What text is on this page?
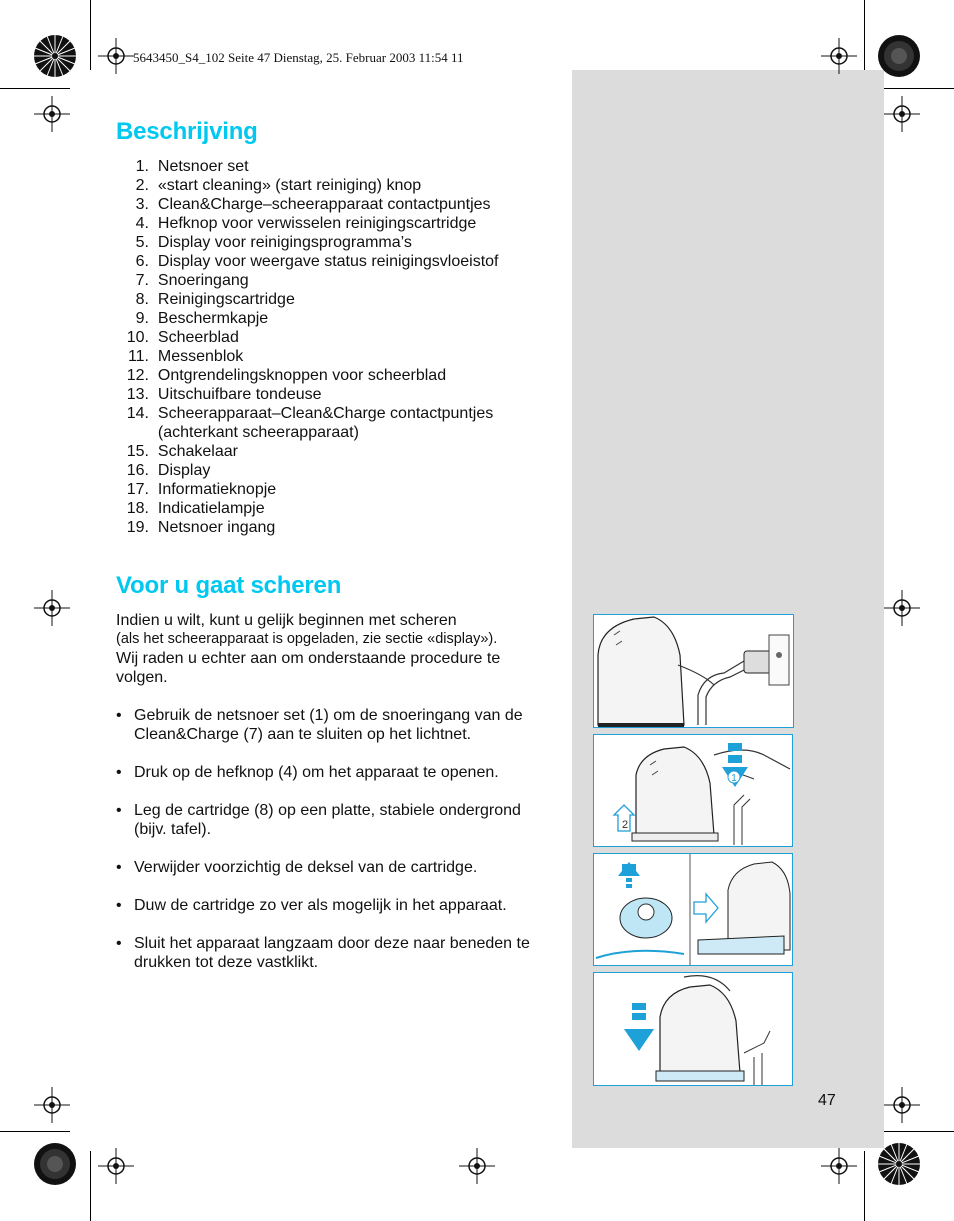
5643450_S4_102 Seite 47 Dienstag, 25. Februar 2003 11:54 11
Beschrijving
1.
Netsnoer set
2.
«start cleaning» (start reiniging) knop
3.
Clean&Charge–scheerapparaat contactpuntjes
4.
Hefknop voor verwisselen reinigingscartridge
5.
Display voor reinigingsprogramma’s
6.
Display voor weergave status reinigingsvloeistof
7.
Snoeringang
8.
Reinigingscartridge
9.
Beschermkapje
10.
Scheerblad
11.
Messenblok
12.
Ontgrendelingsknoppen voor scheerblad
13.
Uitschuifbare tondeuse
14.
Scheerapparaat–Clean&Charge contactpuntjes

(achterkant scheerapparaat)
15.
Schakelaar
16.
Display
17.
Informatieknopje
18.
Indicatielampje
19.
Netsnoer ingang
Voor u gaat scheren
Indien u wilt, kunt u gelijk beginnen met scheren
(als het scheerapparaat is opgeladen, zie sectie «display»).
Wij raden u echter aan om onderstaande procedure te volgen.
• Gebruik de netsnoer set (1) om de snoeringang van de Clean&Charge (7) aan te sluiten op het lichtnet.
• Druk op de hefknop (4) om het apparaat te openen.
• Leg de cartridge (8) op een platte, stabiele ondergrond (bijv. tafel).
• Verwijder voorzichtig de deksel van de cartridge.
• Duw de cartridge zo ver als mogelijk in het apparaat.
• Sluit het apparaat langzaam door deze naar beneden te drukken tot deze vastklikt.
1
2
47
